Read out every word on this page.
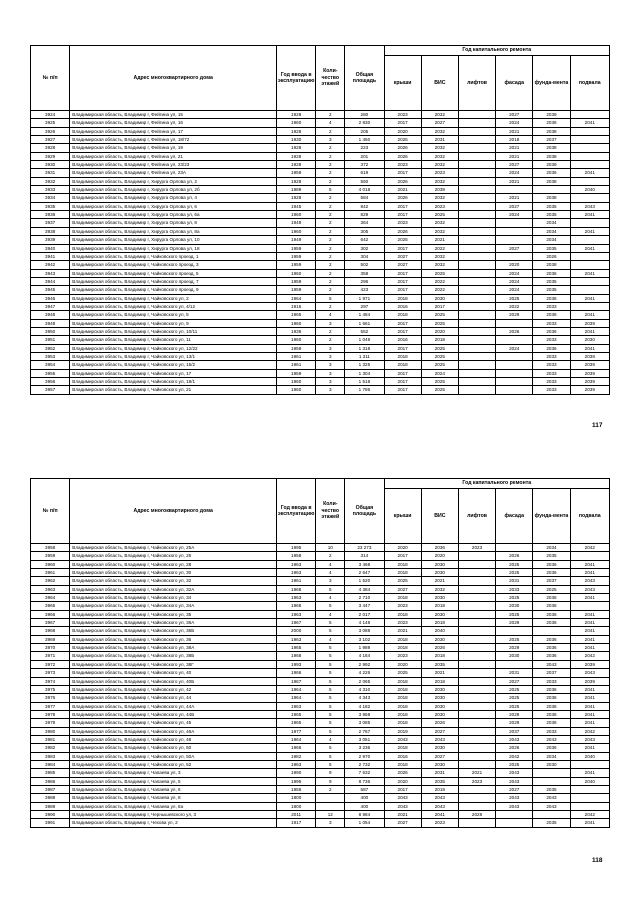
№ п/п	Адрес многоквартирного дома	Год ввода в эксплуатацию	Коли-чество этажей	Общая площадь	Год капитального ремонта					
					крыши	ВИС	лифтов	фасада	фунда-мента	подвала
3924	Владимирская область, Владимир г, Фейгина ул, 15	1928	2	280	2023	2032		2027	2039	
3925	Владимирская область, Владимир г, Фейгина ул, 16	1960	4	2 830	2017	2027		2024	2036	2041
3926	Владимирская область, Владимир г, Фейгина ул, 17	1928	2	205	2020	2032		2021	2038	
3927	Владимирская область, Владимир г, Фейгина ул, 18/72	1930	3	1 450	2025	2031		2018	2037	
3928	Владимирская область, Владимир г, Фейгина ул, 19	1928	2	223	2026	2032		2021	2038	
3929	Владимирская область, Владимир г, Фейгина ул, 21	1928	2	201	2026	2032		2021	2038	
3930	Владимирская область, Владимир г, Фейгина ул, 23/23	1928	2	372	2023	2032		2027	2039	
3931	Владимирская область, Владимир г, Фейгина ул, 23А	1959	2	619	2017	2023		2024	2036	2041
3932	Владимирская область, Владимир г, Хирурга Орлова ул, 2	1928	2	560	2026	2032		2021	2038	
3933	Владимирская область, Владимир г, Хирурга Орлова ул, 2б	1989	5	4 018	2021	2039				2040
3934	Владимирская область, Владимир г, Хирурга Орлова ул, 4	1928	2	584	2026	2032		2021	2038	
3935	Владимирская область, Владимир г, Хирурга Орлова ул, 6	1945	2	842	2017	2023		2027	2035	2043
3936	Владимирская область, Владимир г, Хирурга Орлова ул, 6а	1960	2	829	2017	2025		2024	2035	2041
3937	Владимирская область, Владимир г, Хирурга Орлова ул, 8	1949	2	364	2023	2032			2034	
3938	Владимирская область, Владимир г, Хирурга Орлова ул, 8а	1960	2	305	2026	2032			2034	2041
3939	Владимирская область, Владимир г, Хирурга Орлова ул, 10	1949	2	642	2025	2021			2034	
3940	Владимирская область, Владимир г, Хирурга Орлова ул, 18	1959	2	302	2017	2022		2027	2035	2041
3941	Владимирская область, Владимир г, Чайковского проезд, 1	1959	2	304	2027	2032			2026	
3942	Владимирская область, Владимир г, Чайковского проезд, 3	1959	2	502	2027	2032		2020	2038	
3943	Владимирская область, Владимир г, Чайковского проезд, 5	1960	2	358	2017	2025		2024	2036	2041
3944	Владимирская область, Владимир г, Чайковского проезд, 7	1959	2	296	2017	2022		2024	2035	
3945	Владимирская область, Владимир г, Чайковского проезд, 9	1959	2	423	2017	2022		2024	2035	
3946	Владимирская область, Владимир г, Чайковского ул, 2	1964	5	1 971	2018	2030		2025	2036	2041
3947	Владимирская область, Владимир г, Чайковского ул, 4/12	1915	2	297	2016	2017		2022	2033	
3948	Владимирская область, Владимир г, Чайковского ул, 5	1965	4	1 484	2018	2025		2029	2036	2041
3949	Владимирская область, Владимир г, Чайковского ул, 9	1960	3	1 661	2017	2025			2033	2039
3950	Владимирская область, Владимир г, Чайковского ул, 10/11	1936	2	552	2017	2020		2026	2036	2041
3951	Владимирская область, Владимир г, Чайковского ул, 11	1960	2	1 049	2016	2018			2033	2030
3952	Владимирская область, Владимир г, Чайковского ул, 12/22	1959	3	1 318	2017	2025		2024	2036	2041
3953	Владимирская область, Владимир г, Чайковского ул, 13/1	1961	3	1 311	2018	2025			2033	2038
3954	Владимирская область, Владимир г, Чайковского ул, 15/2	1961	3	1 325	2018	2025			2033	2039
3955	Владимирская область, Владимир г, Чайковского ул, 17	1959	3	1 304	2017	2024			2033	2039
3956	Владимирская область, Владимир г, Чайковского ул, 19/1	1960	3	1 518	2017	2025			2033	2039
3957	Владимирская область, Владимир г, Чайковского ул, 21	1960	3	1 786	2017	2025			2033	2039
117
№ п/п	Адрес многоквартирного дома	Год ввода в эксплуатацию	Коли-чество этажей	Общая площадь	Год капитального ремонта					
					крыши	ВИС	лифтов	фасада	фунда-мента	подвала
3958	Владимирская область, Владимир г, Чайковского ул, 25А	1995	10	23 273	2020	2036	2023		2034	2042
3959	Владимирская область, Владимир г, Чайковского ул, 26	1958	2	314	2017	2020		2026	2035	
3960	Владимирская область, Владимир г, Чайковского ул, 28	1963	4	3 468	2018	2030		2025	2036	2041
3961	Владимирская область, Владимир г, Чайковского ул, 30	1963	4	2 647	2018	2030		2025	2036	2041
3962	Владимирская область, Владимир г, Чайковского ул, 32	1961	3	1 520	2025	2021		2031	2037	2043
3963	Владимирская область, Владимир г, Чайковского ул, 32А	1968	5	4 384	2027	2032		2033	2025	2043
3964	Владимирская область, Владимир г, Чайковского ул, 34	1963	4	2 710	2018	2030		2025	2036	2041
3965	Владимирская область, Владимир г, Чайковского ул, 34А	1968	5	3 447	2023	2018		2030	2036	
3966	Владимирская область, Владимир г, Чайковского ул, 35	1963	4	2 017	2018	2030		2025	2036	2041
3967	Владимирская область, Владимир г, Чайковского ул, 36А	1967	5	4 148	2023	2018		2029	2036	2041
3968	Владимирская область, Владимир г, Чайковского ул, 36Б	2000	5	3 088	2021	2040				2041
3969	Владимирская область, Владимир г, Чайковского ул, 36	1963	4	3 102	2018	2030		2025	2036	2041
3970	Владимирская область, Владимир г, Чайковского ул, 38А	1965	5	1 989	2018	2026		2029	2036	2041
3971	Владимирская область, Владимир г, Чайковского ул, 38Б	1968	5	4 164	2023	2018		2030	2036	2042
3972	Владимирская область, Владимир г, Чайковского ул, 38Г	1993	5	2 992	2020	2035			2043	2039
3973	Владимирская область, Владимир г, Чайковского ул, 40	1966	5	4 226	2025	2021		2031	2037	2043
3974	Владимирская область, Владимир г, Чайковского ул, 40Б	1967	5	2 065	2018	2018		2027	2033	2039
3975	Владимирская область, Владимир г, Чайковского ул, 42	1964	5	4 310	2018	2030		2025	2036	2041
3976	Владимирская область, Владимир г, Чайковского ул, 44	1964	5	4 343	2018	2030		2025	2036	2041
3977	Владимирская область, Владимир г, Чайковского ул, 44А	1963	5	4 182	2018	2030		2025	2036	2041
3978	Владимирская область, Владимир г, Чайковского ул, 44Б	1965	5	3 958	2018	2030		2028	2036	2041
3979	Владимирская область, Владимир г, Чайковского ул, 45	1965	5	3 085	2018	2026		2029	2036	2041
3980	Владимирская область, Владимир г, Чайковского ул, 46А	1977	5	2 767	2019	2027		2037	2033	2042
3981	Владимирская область, Владимир г, Чайковского ул, 48	1964	4	3 051	2043	2043		2043	2043	2043
3982	Владимирская область, Владимир г, Чайковского ул, 50	1966	5	3 236	2018	2030		2026	2036	2041
3983	Владимирская область, Владимир г, Чайковского ул, 50А	1982	5	2 970	2016	2027		2042	2034	2040
3984	Владимирская область, Владимир г, Чайковского ул, 52	1963	5	2 732	2018	2030		2025	2030	
3985	Владимирская область, Владимир г, Чапаева ул, 3	1990	9	7 532	2026	2031	2021	2043		2041
3986	Владимирская область, Владимир г, Чапаева ул, 5	1995	9	8 736	2020	2035	2023	2043		2040
3987	Владимирская область, Владимир г, Чапаева ул, 6	1956	2	587	2017	2019		2027	2035	
3988	Владимирская область, Владимир г, Чапаева ул, 8	1800		400	2043	2043		2043	2043	
3989	Владимирская область, Владимир г, Чапаева ул, 8а	1800		400	2043	2043		2043	2043	
3990	Владимирская область, Владимир г, Чернышевского ул, 3	2011	12	8 984	2021	2041	2028			2042
3991	Владимирская область, Владимир г, Чехова ул, 2	1917	3	1 054	2027	2023			2035	2041
118
